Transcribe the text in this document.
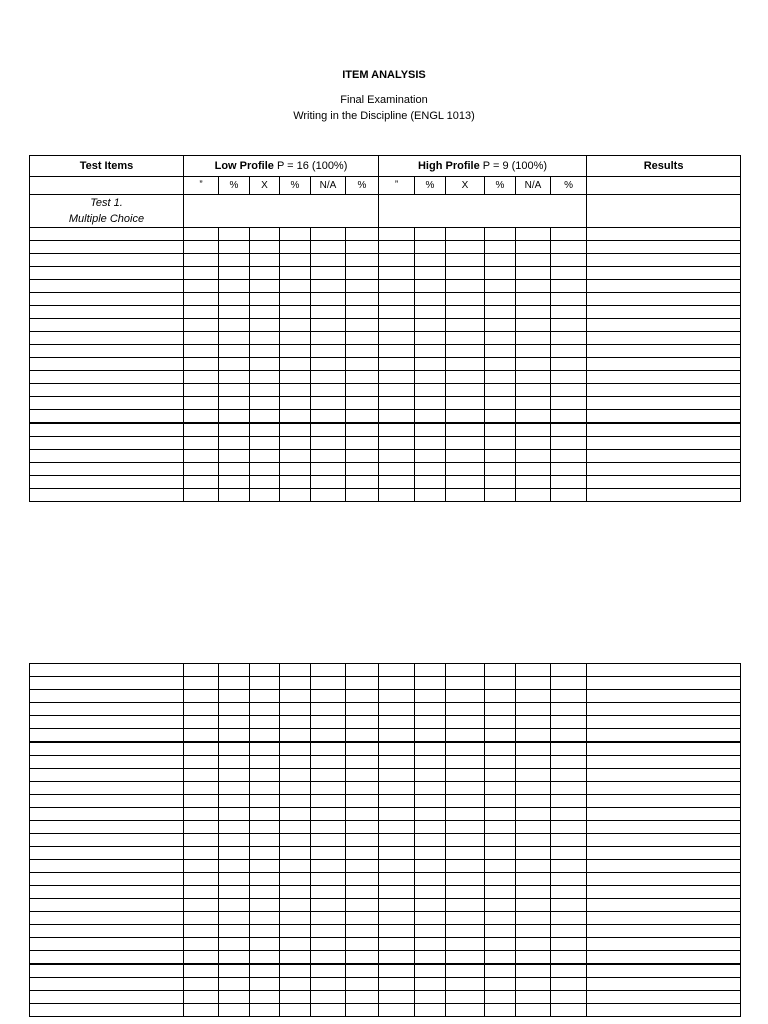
ITEM ANALYSIS
Final Examination
Writing in the Discipline (ENGL 1013)
Test Items	Low Profile P = 16 (100%)						High Profile P = 9 (100%)						Results
	ˮ	%	X	%	N/A	%	ˮ	%	X	%	N/A	%	

Test 1.
Multiple Choice													
